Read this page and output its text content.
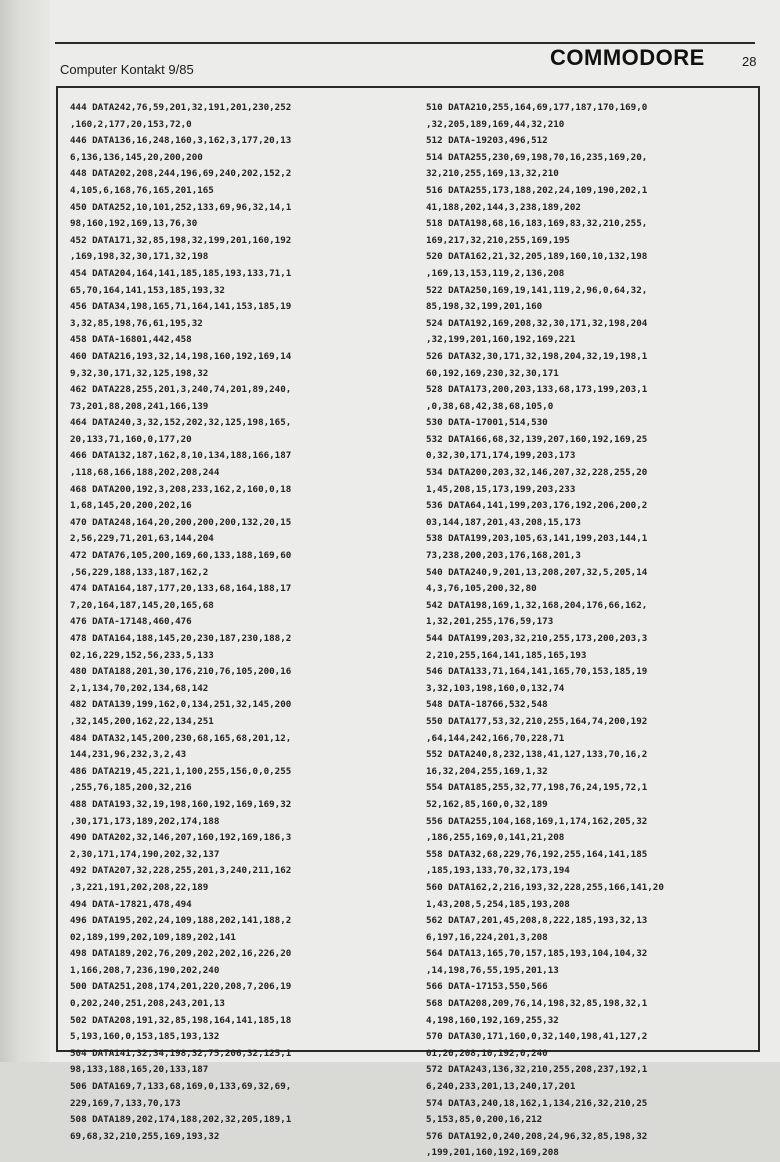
Computer Kontakt 9/85	COMMODORE	28
444 DATA242,76,59,201,32,191,201,230,252
,160,2,177,20,153,72,0
446 DATA136,16,248,160,3,162,3,177,20,13
6,136,136,145,20,200,200
448 DATA202,208,244,196,69,240,202,152,2
4,105,6,168,76,165,201,165
450 DATA252,10,101,252,133,69,96,32,14,1
98,160,192,169,13,76,30
452 DATA171,32,85,198,32,199,201,160,192
,169,198,32,30,171,32,198
454 DATA204,164,141,185,185,193,133,71,1
65,70,164,141,153,185,193,32
456 DATA34,198,165,71,164,141,153,185,19
3,32,85,198,76,61,195,32
458 DATA-16801,442,458
460 DATA216,193,32,14,198,160,192,169,14
9,32,30,171,32,125,198,32
462 DATA228,255,201,3,240,74,201,89,240,
73,201,88,208,241,166,139
464 DATA240,3,32,152,202,32,125,198,165,
20,133,71,160,0,177,20
466 DATA132,187,162,8,10,134,188,166,187
,118,68,166,188,202,208,244
468 DATA200,192,3,208,233,162,2,160,0,18
1,68,145,20,200,202,16
470 DATA248,164,20,200,200,200,132,20,15
2,56,229,71,201,63,144,204
472 DATA76,105,200,169,60,133,188,169,60
,56,229,188,133,187,162,2
474 DATA164,187,177,20,133,68,164,188,17
7,20,164,187,145,20,165,68
476 DATA-17148,460,476
478 DATA164,188,145,20,230,187,230,188,2
02,16,229,152,56,233,5,133
480 DATA188,201,30,176,210,76,105,200,16
2,1,134,70,202,134,68,142
482 DATA139,199,162,0,134,251,32,145,200
,32,145,200,162,22,134,251
484 DATA32,145,200,230,68,165,68,201,12,
144,231,96,232,3,2,43
486 DATA219,45,221,1,100,255,156,0,0,255
,255,76,185,200,32,216
488 DATA193,32,19,198,160,192,169,169,32
,30,171,173,189,202,174,188
490 DATA202,32,146,207,160,192,169,186,3
2,30,171,174,190,202,32,137
492 DATA207,32,228,255,201,3,240,211,162
,3,221,191,202,208,22,189
494 DATA-17821,478,494
496 DATA195,202,24,109,188,202,141,188,2
02,189,199,202,109,189,202,141
498 DATA189,202,76,209,202,202,16,226,20
1,166,208,7,236,190,202,240
500 DATA251,208,174,201,220,208,7,206,19
0,202,240,251,208,243,201,13
502 DATA208,191,32,85,198,164,141,185,18
5,193,160,0,153,185,193,132
504 DATA141,32,34,198,32,75,206,32,125,1
98,133,188,165,20,133,187
506 DATA169,7,133,68,169,0,133,69,32,69,
229,169,7,133,70,173
508 DATA189,202,174,188,202,32,205,189,1
69,68,32,210,255,169,193,32
510 DATA210,255,164,69,177,187,170,169,0
,32,205,189,169,44,32,210
512 DATA-19203,496,512
514 DATA255,230,69,198,70,16,235,169,20,
32,210,255,169,13,32,210
516 DATA255,173,188,202,24,109,190,202,1
41,188,202,144,3,238,189,202
518 DATA198,68,16,183,169,83,32,210,255,
169,217,32,210,255,169,195
520 DATA162,21,32,205,189,160,10,132,198
,169,13,153,119,2,136,208
522 DATA250,169,19,141,119,2,96,0,64,32,
85,198,32,199,201,160
524 DATA192,169,208,32,30,171,32,198,204
,32,199,201,160,192,169,221
526 DATA32,30,171,32,198,204,32,19,198,1
60,192,169,230,32,30,171
528 DATA173,200,203,133,68,173,199,203,1
,0,38,68,42,38,68,105,0
530 DATA-17001,514,530
532 DATA166,68,32,139,207,160,192,169,25
0,32,30,171,174,199,203,173
534 DATA200,203,32,146,207,32,228,255,20
1,45,208,15,173,199,203,233
536 DATA64,141,199,203,176,192,206,200,2
03,144,187,201,43,208,15,173
538 DATA199,203,105,63,141,199,203,144,1
73,238,200,203,176,168,201,3
540 DATA240,9,201,13,208,207,32,5,205,14
4,3,76,105,200,32,80
542 DATA198,169,1,32,168,204,176,66,162,
1,32,201,255,176,59,173
544 DATA199,203,32,210,255,173,200,203,3
2,210,255,164,141,185,165,193
546 DATA133,71,164,141,165,70,153,185,19
3,32,103,198,160,0,132,74
548 DATA-18766,532,548
550 DATA177,53,32,210,255,164,74,200,192
,64,144,242,166,70,228,71
552 DATA240,8,232,138,41,127,133,70,16,2
16,32,204,255,169,1,32
554 DATA185,255,32,77,198,76,24,195,72,1
52,162,85,160,0,32,189
556 DATA255,104,168,169,1,174,162,205,32
,186,255,169,0,141,21,208
558 DATA32,68,229,76,192,255,164,141,185
,185,193,133,70,32,173,194
560 DATA162,2,216,193,32,228,255,166,141,20
1,43,208,5,254,185,193,208
562 DATA7,201,45,208,8,222,185,193,32,13
6,197,16,224,201,3,208
564 DATA13,165,70,157,185,193,104,104,32
,14,198,76,55,195,201,13
566 DATA-17153,550,566
568 DATA208,209,76,14,198,32,85,198,32,1
4,198,160,192,169,255,32
570 DATA30,171,160,0,32,140,198,41,127,2
01,20,208,10,192,0,240
572 DATA243,136,32,210,255,208,237,192,1
6,240,233,201,13,240,17,201
574 DATA3,240,18,162,1,134,216,32,210,25
5,153,85,0,200,16,212
576 DATA192,0,240,208,24,96,32,85,198,32
,199,201,160,192,169,208
